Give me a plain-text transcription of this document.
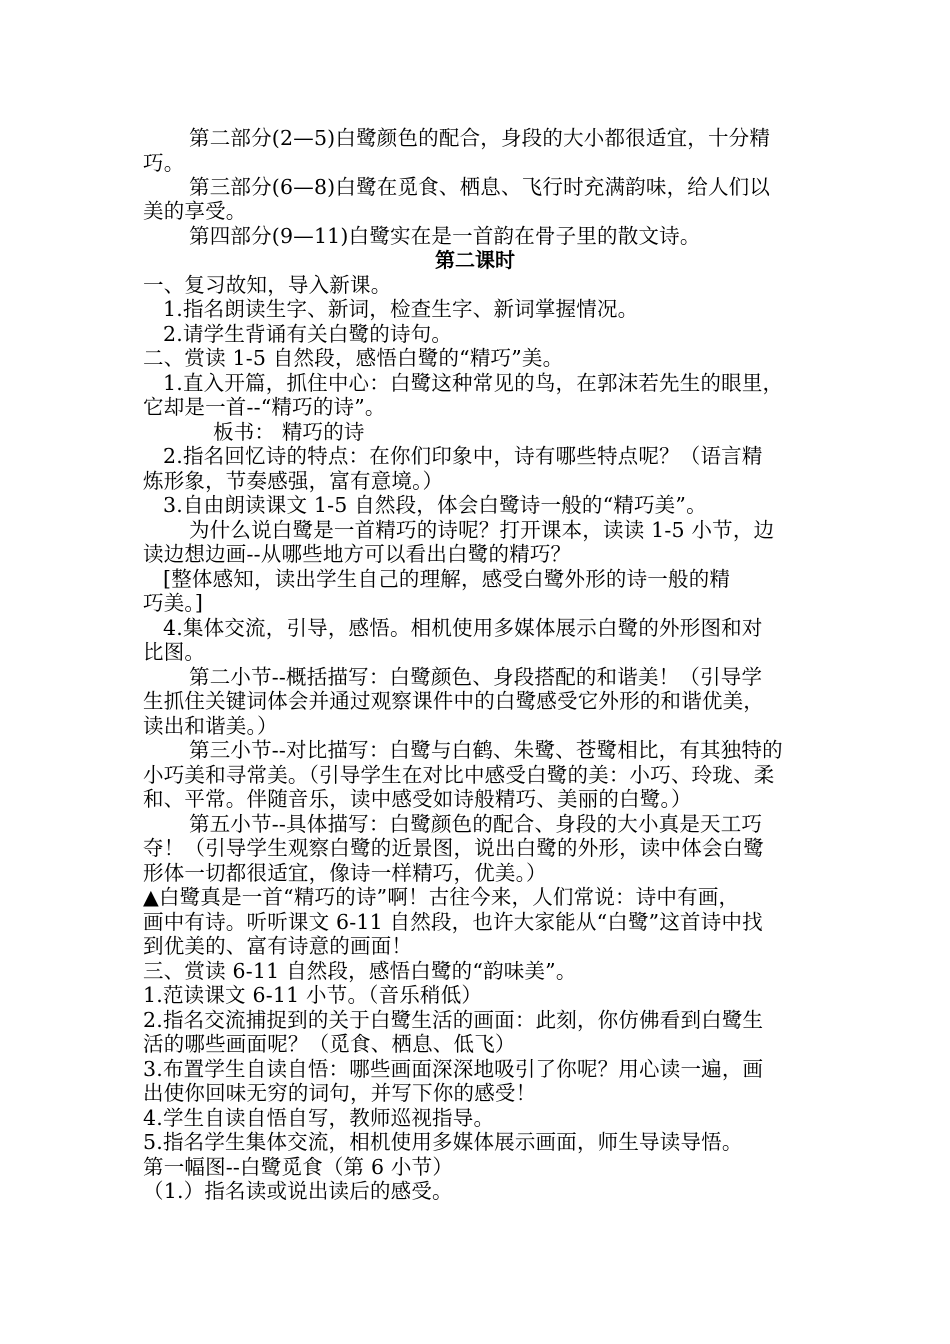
第二部分(2—5)白鹭颜色的配合，身段的大小都很适宜，十分精
巧。
第三部分(6—8)白鹭在觅食、栖息、飞行时充满韵味，给人们以
美的享受。
第四部分(9—11)白鹭实在是一首韵在骨子里的散文诗。
第二课时
一、复习故知，导入新课。
1.指名朗读生字、新词，检查生字、新词掌握情况。
2.请学生背诵有关白鹭的诗句。
二、赏读 1-5 自然段，感悟白鹭的“精巧”美。
1.直入开篇，抓住中心：白鹭这种常见的鸟，在郭沫若先生的眼里，
它却是一首--“精巧的诗”。
板书： 精巧的诗
2.指名回忆诗的特点：在你们印象中，诗有哪些特点呢？（语言精
炼形象，节奏感强，富有意境。）
3.自由朗读课文 1-5 自然段，体会白鹭诗一般的“精巧美”。
为什么说白鹭是一首精巧的诗呢？打开课本，读读 1-5 小节，边
读边想边画--从哪些地方可以看出白鹭的精巧？
[整体感知，读出学生自己的理解，感受白鹭外形的诗一般的精
巧美。]
4.集体交流，引导，感悟。相机使用多媒体展示白鹭的外形图和对
比图。
第二小节--概括描写：白鹭颜色、身段搭配的和谐美！（引导学
生抓住关键词体会并通过观察课件中的白鹭感受它外形的和谐优美，
读出和谐美。）
第三小节--对比描写：白鹭与白鹤、朱鹭、苍鹭相比，有其独特的
小巧美和寻常美。（引导学生在对比中感受白鹭的美：小巧、玲珑、柔
和、平常。伴随音乐，读中感受如诗般精巧、美丽的白鹭。）
第五小节--具体描写：白鹭颜色的配合、身段的大小真是天工巧
夺！（引导学生观察白鹭的近景图，说出白鹭的外形，读中体会白鹭
形体一切都很适宜，像诗一样精巧，优美。）
▲白鹭真是一首“精巧的诗”啊！古往今来，人们常说：诗中有画，
画中有诗。听听课文 6-11 自然段，也许大家能从“白鹭”这首诗中找
到优美的、富有诗意的画面！
三、赏读 6-11 自然段，感悟白鹭的“韵味美”。
1.范读课文 6-11 小节。（音乐稍低）
2.指名交流捕捉到的关于白鹭生活的画面：此刻，你仿佛看到白鹭生
活的哪些画面呢？（觅食、栖息、低飞）
3.布置学生自读自悟：哪些画面深深地吸引了你呢？用心读一遍，画
出使你回味无穷的词句，并写下你的感受！
4.学生自读自悟自写，教师巡视指导。
5.指名学生集体交流，相机使用多媒体展示画面，师生导读导悟。
第一幅图--白鹭觅食（第 6 小节）
（1.）指名读或说出读后的感受。
